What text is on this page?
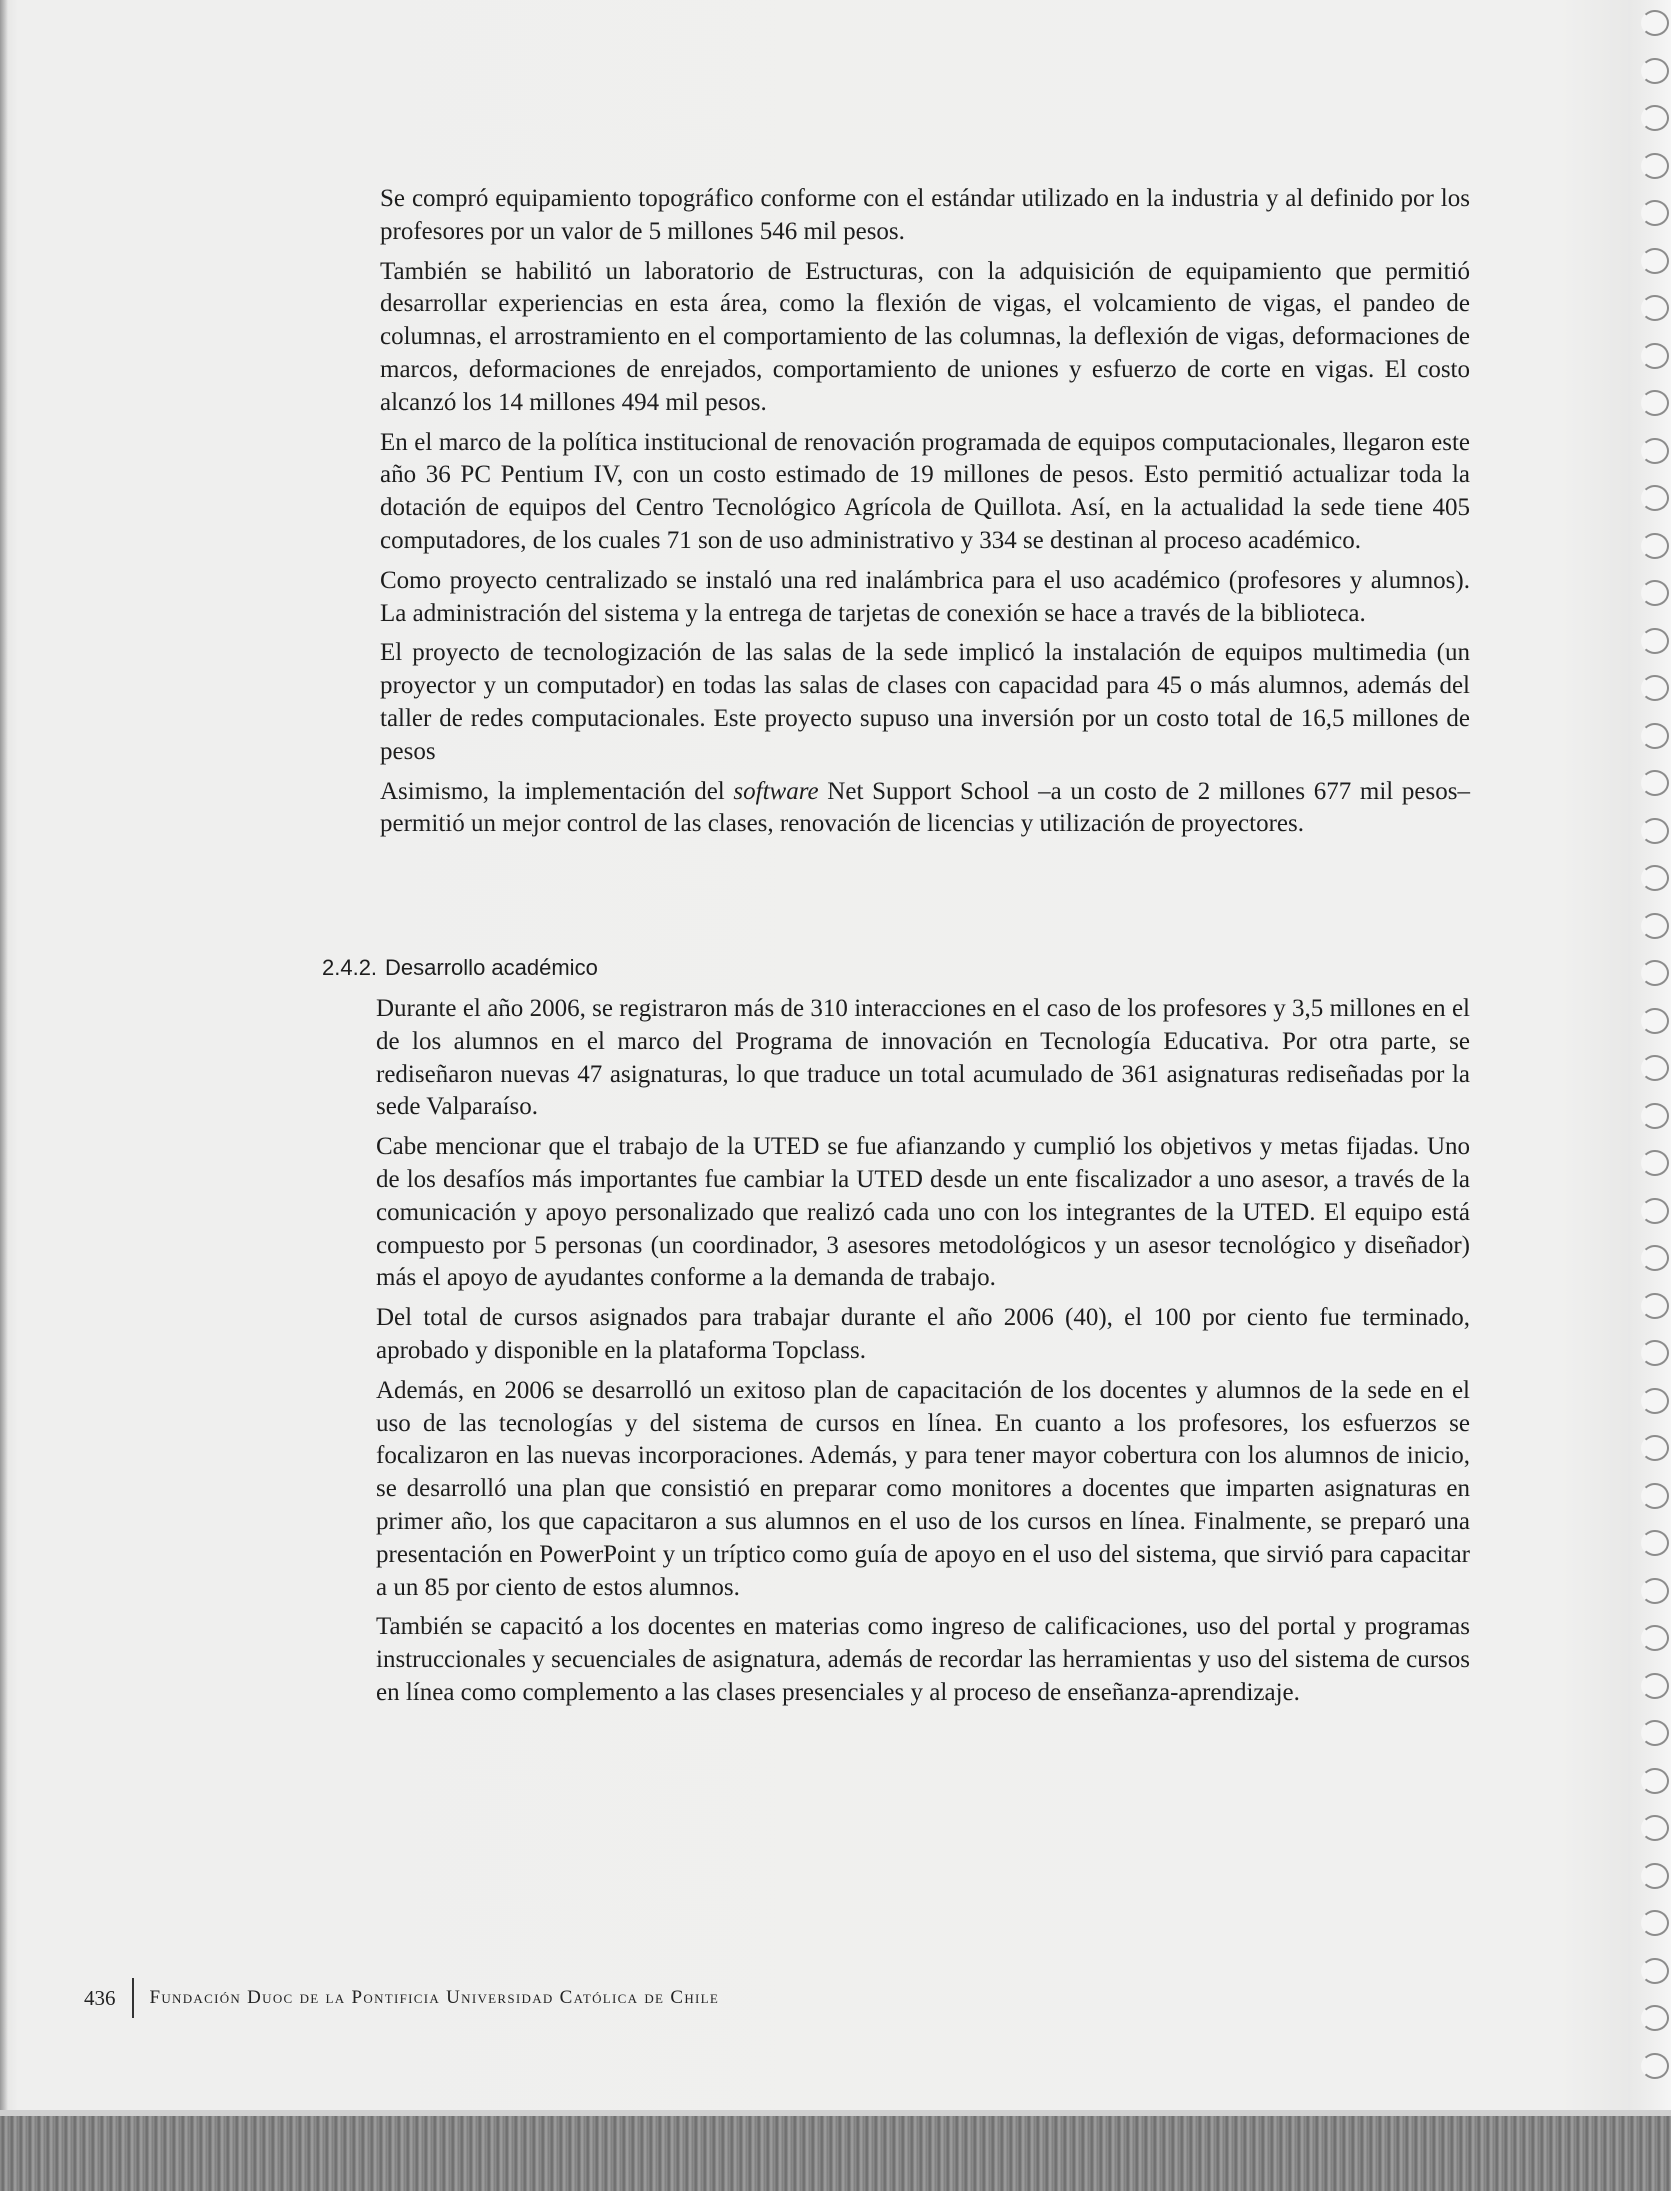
Se compró equipamiento topográfico conforme con el estándar utilizado en la industria y al definido por los profesores por un valor de 5 millones 546 mil pesos.

También se habilitó un laboratorio de Estructuras, con la adquisición de equipamiento que permitió desarrollar experiencias en esta área, como la flexión de vigas, el volcamiento de vigas, el pandeo de columnas, el arrostramiento en el comportamiento de las columnas, la deflexión de vigas, deformaciones de marcos, deformaciones de enrejados, comportamiento de uniones y esfuerzo de corte en vigas. El costo alcanzó los 14 millones 494 mil pesos.

En el marco de la política institucional de renovación programada de equipos computacionales, llegaron este año 36 PC Pentium IV, con un costo estimado de 19 millones de pesos. Esto permitió actualizar toda la dotación de equipos del Centro Tecnológico Agrícola de Quillota. Así, en la actualidad la sede tiene 405 computadores, de los cuales 71 son de uso administrativo y 334 se destinan al proceso académico.

Como proyecto centralizado se instaló una red inalámbrica para el uso académico (profesores y alumnos). La administración del sistema y la entrega de tarjetas de conexión se hace a través de la biblioteca.

El proyecto de tecnologización de las salas de la sede implicó la instalación de equipos multimedia (un proyector y un computador) en todas las salas de clases con capacidad para 45 o más alumnos, además del taller de redes computacionales. Este proyecto supuso una inversión por un costo total de 16,5 millones de pesos

Asimismo, la implementación del software Net Support School –a un costo de 2 millones 677 mil pesos– permitió un mejor control de las clases, renovación de licencias y utilización de proyectores.

2.4.2. Desarrollo académico

Durante el año 2006, se registraron más de 310 interacciones en el caso de los profesores y 3,5 millones en el de los alumnos en el marco del Programa de innovación en Tecnología Educativa. Por otra parte, se rediseñaron nuevas 47 asignaturas, lo que traduce un total acumulado de 361 asignaturas rediseñadas por la sede Valparaíso.

Cabe mencionar que el trabajo de la UTED se fue afianzando y cumplió los objetivos y metas fijadas. Uno de los desafíos más importantes fue cambiar la UTED desde un ente fiscalizador a uno asesor, a través de la comunicación y apoyo personalizado que realizó cada uno con los integrantes de la UTED. El equipo está compuesto por 5 personas (un coordinador, 3 asesores metodológicos y un asesor tecnológico y diseñador) más el apoyo de ayudantes conforme a la demanda de trabajo.

Del total de cursos asignados para trabajar durante el año 2006 (40), el 100 por ciento fue terminado, aprobado y disponible en la plataforma Topclass.

Además, en 2006 se desarrolló un exitoso plan de capacitación de los docentes y alumnos de la sede en el uso de las tecnologías y del sistema de cursos en línea. En cuanto a los profesores, los esfuerzos se focalizaron en las nuevas incorporaciones. Además, y para tener mayor cobertura con los alumnos de inicio, se desarrolló una plan que consistió en preparar como monitores a docentes que imparten asignaturas en primer año, los que capacitaron a sus alumnos en el uso de los cursos en línea. Finalmente, se preparó una presentación en PowerPoint y un tríptico como guía de apoyo en el uso del sistema, que sirvió para capacitar a un 85 por ciento de estos alumnos.

También se capacitó a los docentes en materias como ingreso de calificaciones, uso del portal y programas instruccionales y secuenciales de asignatura, además de recordar las herramientas y uso del sistema de cursos en línea como complemento a las clases presenciales y al proceso de enseñanza-aprendizaje.

436 Fundación Duoc de la Pontificia Universidad Católica de Chile
